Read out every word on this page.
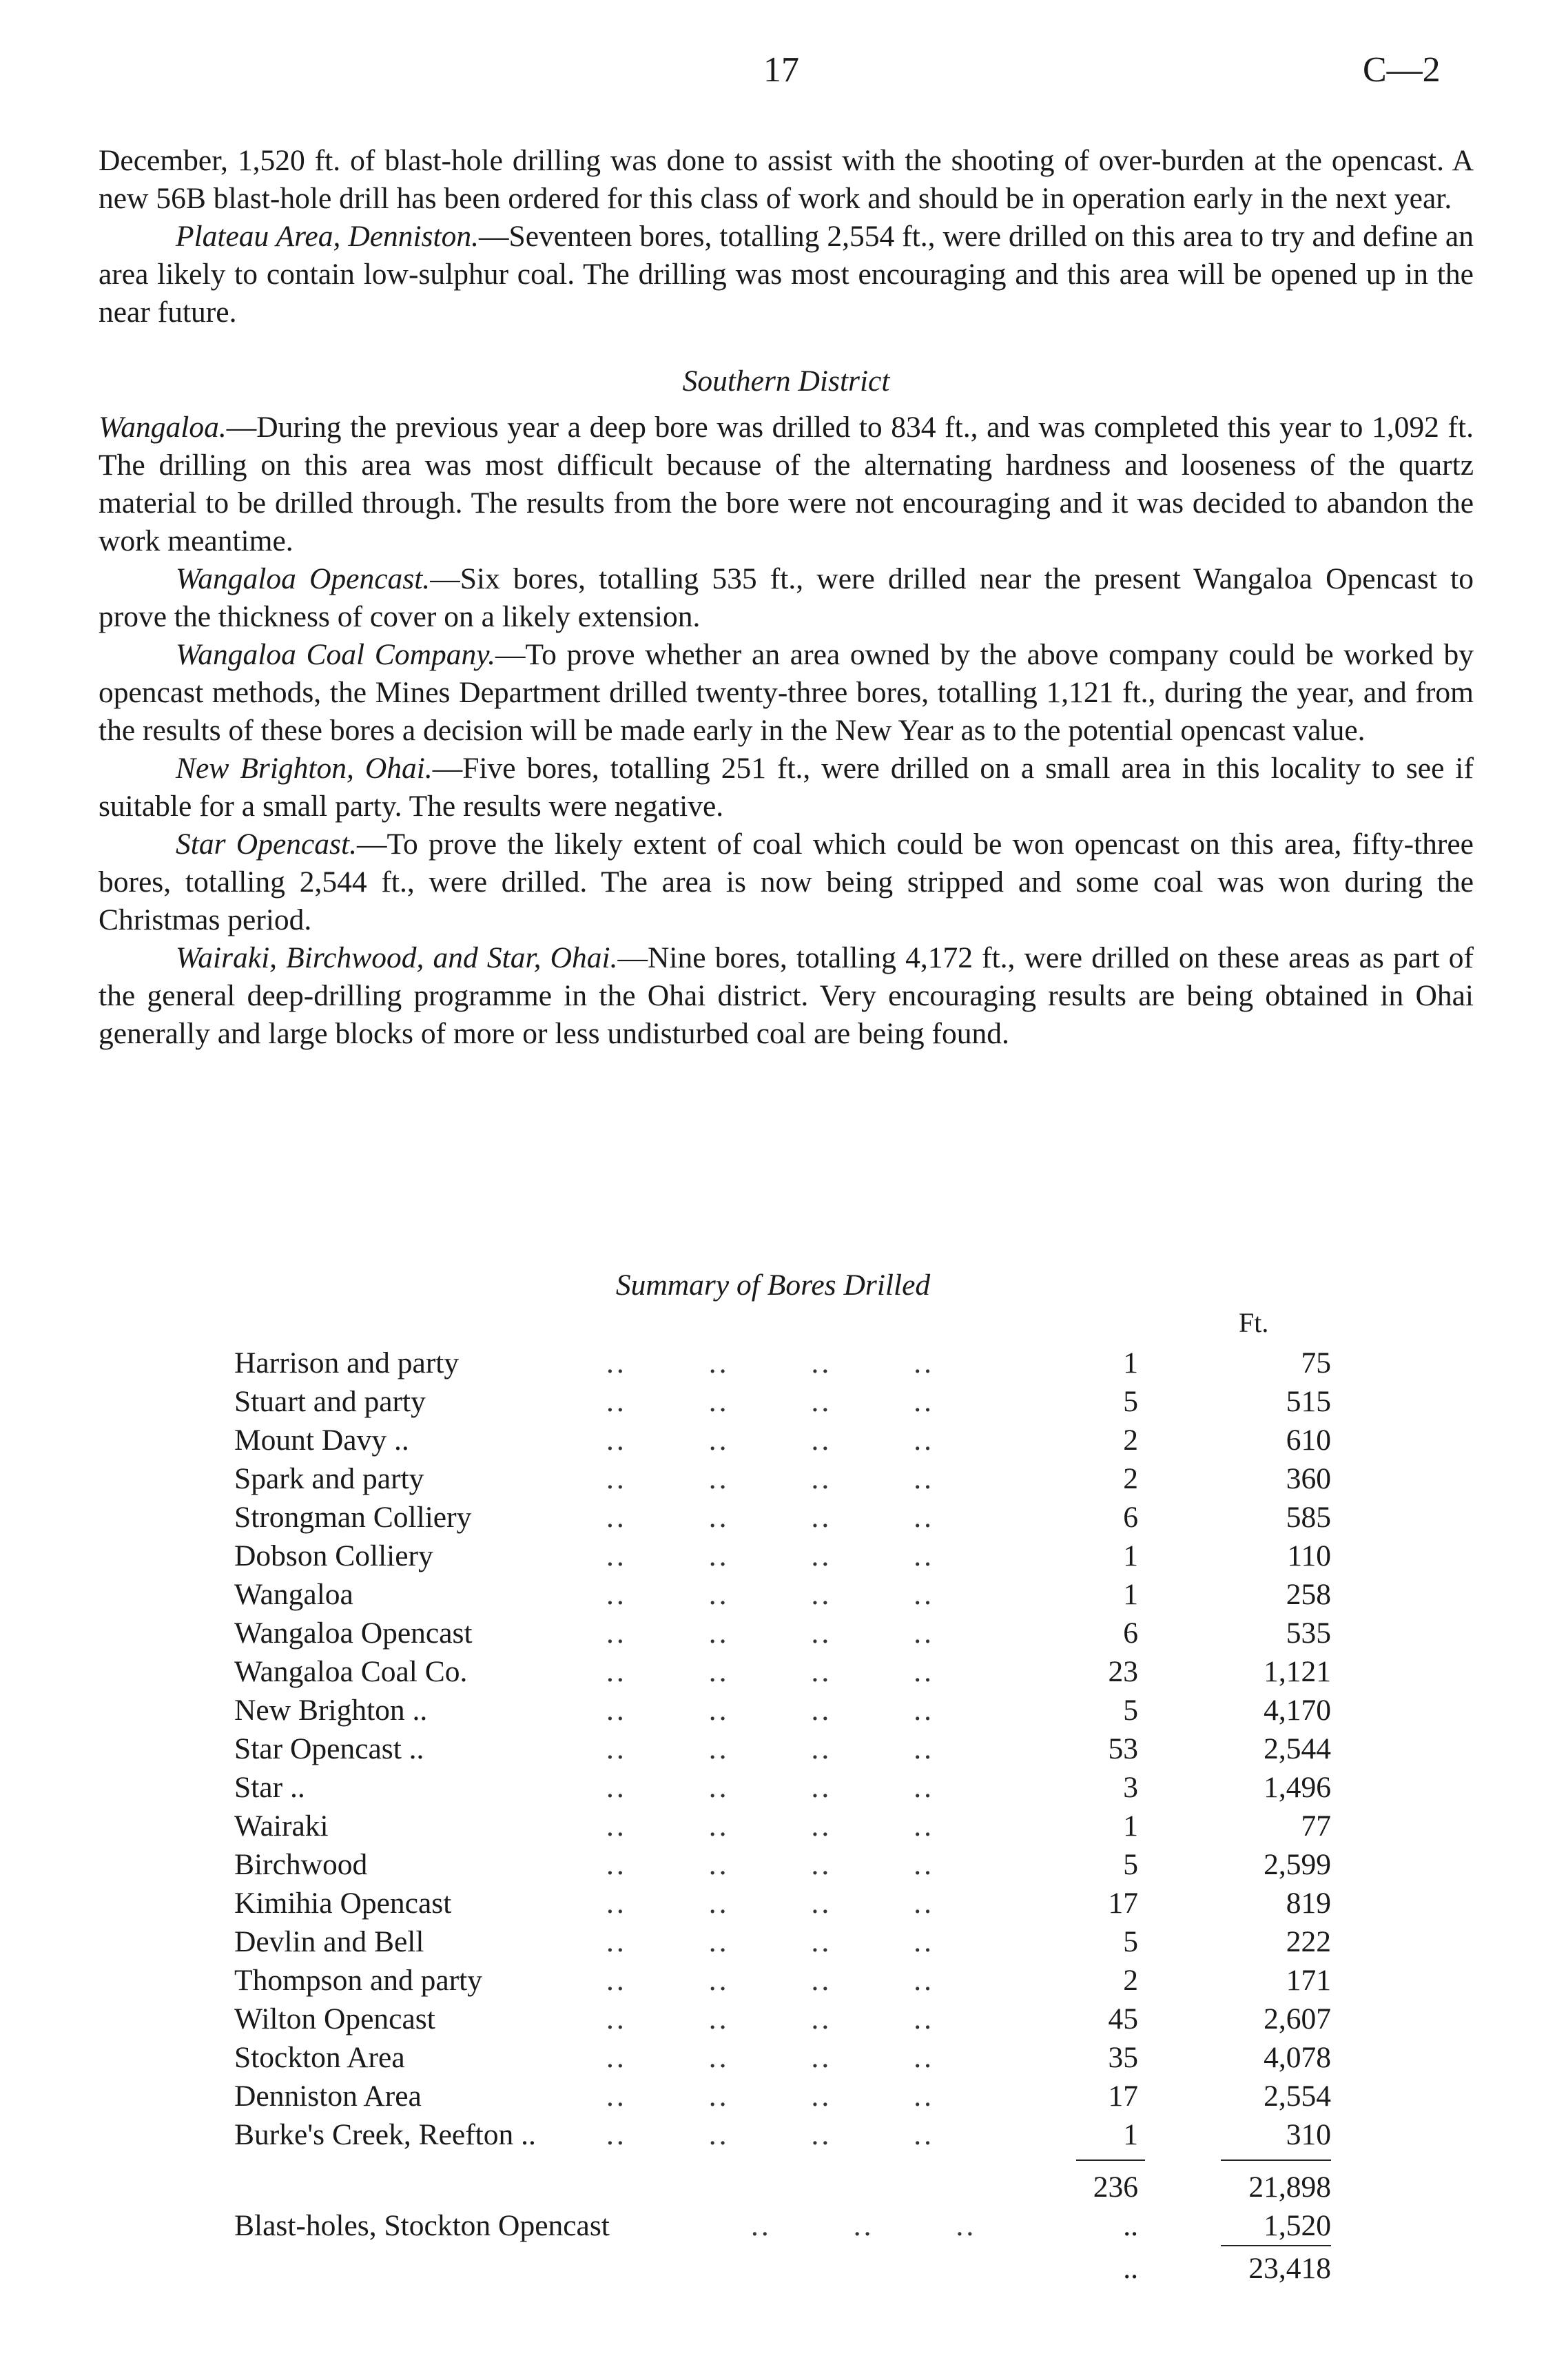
17	C—2

December, 1,520 ft. of blast-hole drilling was done to assist with the shooting of over-burden at the opencast. A new 56B blast-hole drill has been ordered for this class of work and should be in operation early in the next year.

Plateau Area, Denniston.—Seventeen bores, totalling 2,554 ft., were drilled on this area to try and define an area likely to contain low-sulphur coal. The drilling was most encouraging and this area will be opened up in the near future.

Southern District

Wangaloa.—During the previous year a deep bore was drilled to 834 ft., and was completed this year to 1,092 ft. The drilling on this area was most difficult because of the alternating hardness and looseness of the quartz material to be drilled through. The results from the bore were not encouraging and it was decided to abandon the work meantime.

Wangaloa Opencast.—Six bores, totalling 535 ft., were drilled near the present Wangaloa Opencast to prove the thickness of cover on a likely extension.

Wangaloa Coal Company.—To prove whether an area owned by the above company could be worked by opencast methods, the Mines Department drilled twenty-three bores, totalling 1,121 ft., during the year, and from the results of these bores a decision will be made early in the New Year as to the potential opencast value.

New Brighton, Ohai.—Five bores, totalling 251 ft., were drilled on a small area in this locality to see if suitable for a small party. The results were negative.

Star Opencast.—To prove the likely extent of coal which could be won opencast on this area, fifty-three bores, totalling 2,544 ft., were drilled. The area is now being stripped and some coal was won during the Christmas period.

Wairaki, Birchwood, and Star, Ohai.—Nine bores, totalling 4,172 ft., were drilled on these areas as part of the general deep-drilling programme in the Ohai district. Very encouraging results are being obtained in Ohai generally and large blocks of more or less undisturbed coal are being found.

Summary of Bores Drilled
Ft.
Harrison and party	..        ..        ..        ..	1	75
Stuart and party	..        ..        ..        ..	5	515
Mount Davy ..	..        ..        ..        ..	2	610
Spark and party	..        ..        ..        ..	2	360
Strongman Colliery	..        ..        ..        ..	6	585
Dobson Colliery	..        ..        ..        ..	1	110
Wangaloa	..        ..        ..        ..	1	258
Wangaloa Opencast	..        ..        ..        ..	6	535
Wangaloa Coal Co.	..        ..        ..        ..	23	1,121
New Brighton ..	..        ..        ..        ..	5	4,170
Star Opencast ..	..        ..        ..        ..	53	2,544
Star ..	..        ..        ..        ..	3	1,496
Wairaki	..        ..        ..        ..	1	77
Birchwood	..        ..        ..        ..	5	2,599
Kimihia Opencast	..        ..        ..        ..	17	819
Devlin and Bell	..        ..        ..        ..	5	222
Thompson and party	..        ..        ..        ..	2	171
Wilton Opencast	..        ..        ..        ..	45	2,607
Stockton Area	..        ..        ..        ..	35	4,078
Denniston Area	..        ..        ..        ..	17	2,554
Burke's Creek, Reefton .. ..        ..        ..        ..	1	310
236	21,898
Blast-holes, Stockton Opencast	..        ..        ..	..	1,520
..	23,418
